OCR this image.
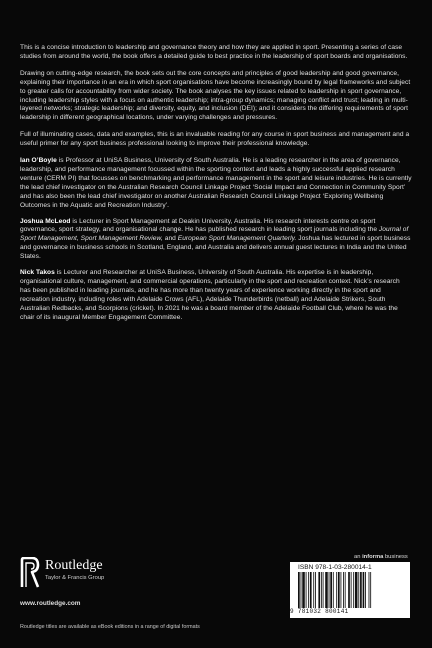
This is a concise introduction to leadership and governance theory and how they are applied in sport. Presenting a series of case studies from around the world, the book offers a detailed guide to best practice in the leadership of sport boards and organisations.

Drawing on cutting-edge research, the book sets out the core concepts and principles of good leadership and good governance, explaining their importance in an era in which sport organisations have become increasingly bound by legal frameworks and subject to greater calls for accountability from wider society. The book analyses the key issues related to leadership in sport governance, including leadership styles with a focus on authentic leadership; intra-group dynamics; managing conflict and trust; leading in multi-layered networks; strategic leadership; and diversity, equity, and inclusion (DEI); and it considers the differing requirements of sport leadership in different geographical locations, under varying challenges and pressures.

Full of illuminating cases, data and examples, this is an invaluable reading for any course in sport business and management and a useful primer for any sport business professional looking to improve their professional knowledge.

Ian O’Boyle is Professor at UniSA Business, University of South Australia. He is a leading researcher in the area of governance, leadership, and performance management focussed within the sporting context and leads a highly successful applied research venture (CERM PI) that focusses on benchmarking and performance management in the sport and leisure industries. He is currently the lead chief investigator on the Australian Research Council Linkage Project ‘Social Impact and Connection in Community Sport’ and has also been the lead chief investigator on another Australian Research Council Linkage Project ‘Exploring Wellbeing Outcomes in the Aquatic and Recreation Industry’.

Joshua McLeod is Lecturer in Sport Management at Deakin University, Australia. His research interests centre on sport governance, sport strategy, and organisational change. He has published research in leading sport journals including the Journal of Sport Management, Sport Management Review, and European Sport Management Quarterly. Joshua has lectured in sport business and governance in business schools in Scotland, England, and Australia and delivers annual guest lectures in India and the United States.

Nick Takos is Lecturer and Researcher at UniSA Business, University of South Australia. His expertise is in leadership, organisational culture, management, and commercial operations, particularly in the sport and recreation context. Nick’s research has been published in leading journals, and he has more than twenty years of experience working directly in the sport and recreation industry, including roles with Adelaide Crows (AFL), Adelaide Thunderbirds (netball) and Adelaide Strikers, South Australian Redbacks, and Scorpions (cricket). In 2021 he was a board member of the Adelaide Football Club, where he was the chair of its inaugural Member Engagement Committee.

Routledge
Taylor & Francis Group
www.routledge.com
Routledge titles are available as eBook editions in a range of digital formats
an informa business
ISBN 978-1-03-280014-1
9 781032 800141
